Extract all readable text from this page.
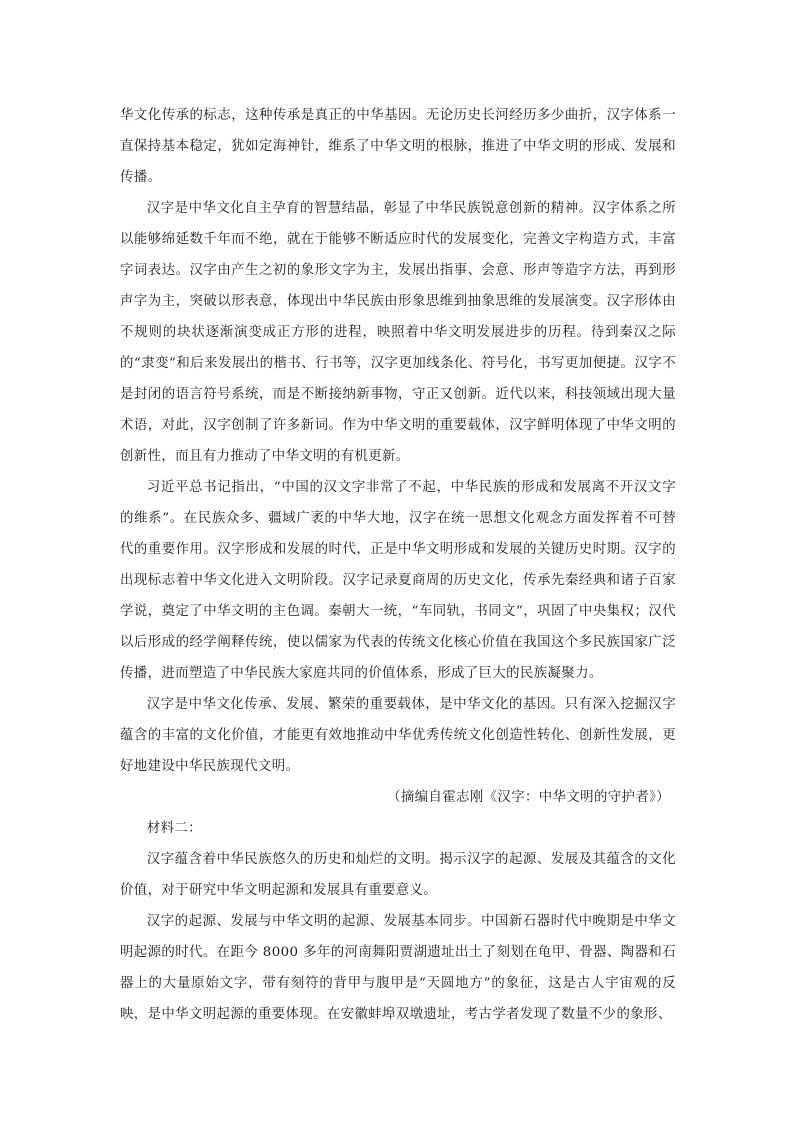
华文化传承的标志，这种传承是真正的中华基因。无论历史长河经历多少曲折，汉字体系一直保持基本稳定，犹如定海神针，维系了中华文明的根脉，推进了中华文明的形成、发展和传播。

汉字是中华文化自主孕育的智慧结晶，彰显了中华民族锐意创新的精神。汉字体系之所以能够绵延数千年而不绝，就在于能够不断适应时代的发展变化，完善文字构造方式，丰富字词表达。汉字由产生之初的象形文字为主，发展出指事、会意、形声等造字方法，再到形声字为主，突破以形表意，体现出中华民族由形象思维到抽象思维的发展演变。汉字形体由不规则的块状逐渐演变成正方形的进程，映照着中华文明发展进步的历程。待到秦汉之际的“隶变”和后来发展出的楷书、行书等，汉字更加线条化、符号化，书写更加便捷。汉字不是封闭的语言符号系统，而是不断接纳新事物，守正又创新。近代以来，科技领域出现大量术语，对此，汉字创制了许多新词。作为中华文明的重要载体，汉字鲜明体现了中华文明的创新性，而且有力推动了中华文明的有机更新。

习近平总书记指出，“中国的汉文字非常了不起，中华民族的形成和发展离不开汉文字的维系”。在民族众多、疆域广袤的中华大地，汉字在统一思想文化观念方面发挥着不可替代的重要作用。汉字形成和发展的时代，正是中华文明形成和发展的关键历史时期。汉字的出现标志着中华文化进入文明阶段。汉字记录夏商周的历史文化，传承先秦经典和诸子百家学说，奠定了中华文明的主色调。秦朝大一统，“车同轨，书同文”，巩固了中央集权；汉代以后形成的经学阐释传统，使以儒家为代表的传统文化核心价值在我国这个多民族国家广泛传播，进而塑造了中华民族大家庭共同的价值体系，形成了巨大的民族凝聚力。

汉字是中华文化传承、发展、繁荣的重要载体，是中华文化的基因。只有深入挖掘汉字蕴含的丰富的文化价值，才能更有效地推动中华优秀传统文化创造性转化、创新性发展，更好地建设中华民族现代文明。

（摘编自霍志刚《汉字：中华文明的守护者》）

材料二：

汉字蕴含着中华民族悠久的历史和灿烂的文明。揭示汉字的起源、发展及其蕴含的文化价值，对于研究中华文明起源和发展具有重要意义。

汉字的起源、发展与中华文明的起源、发展基本同步。中国新石器时代中晚期是中华文明起源的时代。在距今 8000 多年的河南舞阳贾湖遗址出土了刻划在龟甲、骨器、陶器和石器上的大量原始文字，带有刻符的背甲与腹甲是“天圆地方”的象征，这是古人宇宙观的反映，是中华文明起源的重要体现。在安徽蚌埠双墩遗址，考古学者发现了数量不少的象形、
